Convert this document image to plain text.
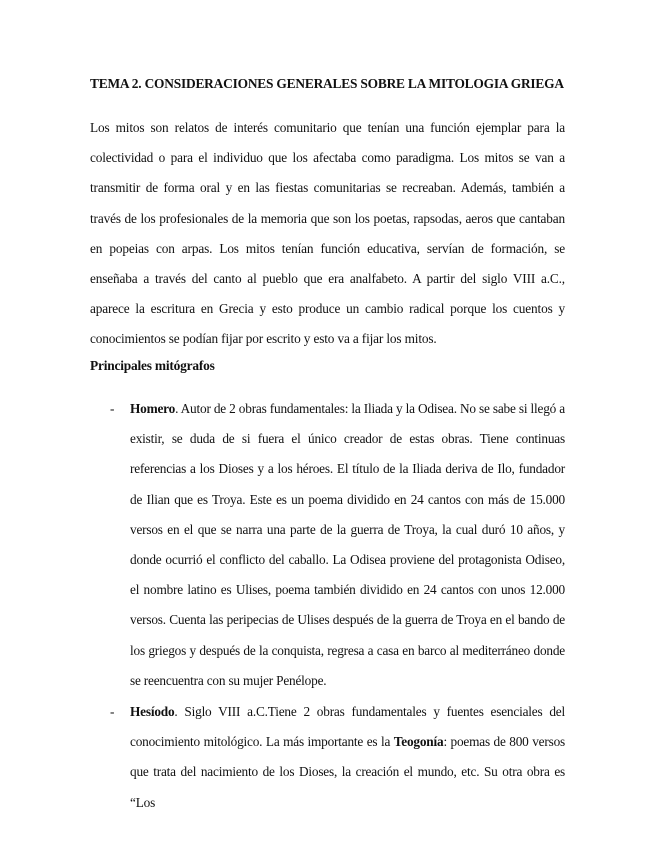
TEMA 2. CONSIDERACIONES GENERALES SOBRE LA MITOLOGIA GRIEGA

Los mitos son relatos de interés comunitario que tenían una función ejemplar para la colectividad o para el individuo que los afectaba como paradigma. Los mitos se van a transmitir de forma oral y en las fiestas comunitarias se recreaban. Además, también a través de los profesionales de la memoria que son los poetas, rapsodas, aeros que cantaban en popeias con arpas. Los mitos tenían función educativa, servían de formación, se enseñaba a través del canto al pueblo que era analfabeto. A partir del siglo VIII a.C., aparece la escritura en Grecia y esto produce un cambio radical porque los cuentos y conocimientos se podían fijar por escrito y esto va a fijar los mitos.

Principales mitógrafos
- Homero. Autor de 2 obras fundamentales: la Iliada y la Odisea. No se sabe si llegó a existir, se duda de si fuera el único creador de estas obras. Tiene continuas referencias a los Dioses y a los héroes. El título de la Iliada deriva de Ilo, fundador de Ilian que es Troya. Este es un poema dividido en 24 cantos con más de 15.000 versos en el que se narra una parte de la guerra de Troya, la cual duró 10 años, y donde ocurrió el conflicto del caballo. La Odisea proviene del protagonista Odiseo, el nombre latino es Ulises, poema también dividido en 24 cantos con unos 12.000 versos. Cuenta las peripecias de Ulises después de la guerra de Troya en el bando de los griegos y después de la conquista, regresa a casa en barco al mediterráneo donde se reencuentra con su mujer Penélope.
- Hesíodo. Siglo VIII a.C.Tiene 2 obras fundamentales y fuentes esenciales del conocimiento mitológico. La más importante es la Teogonía: poemas de 800 versos que trata del nacimiento de los Dioses, la creación el mundo, etc. Su otra obra es “Los
